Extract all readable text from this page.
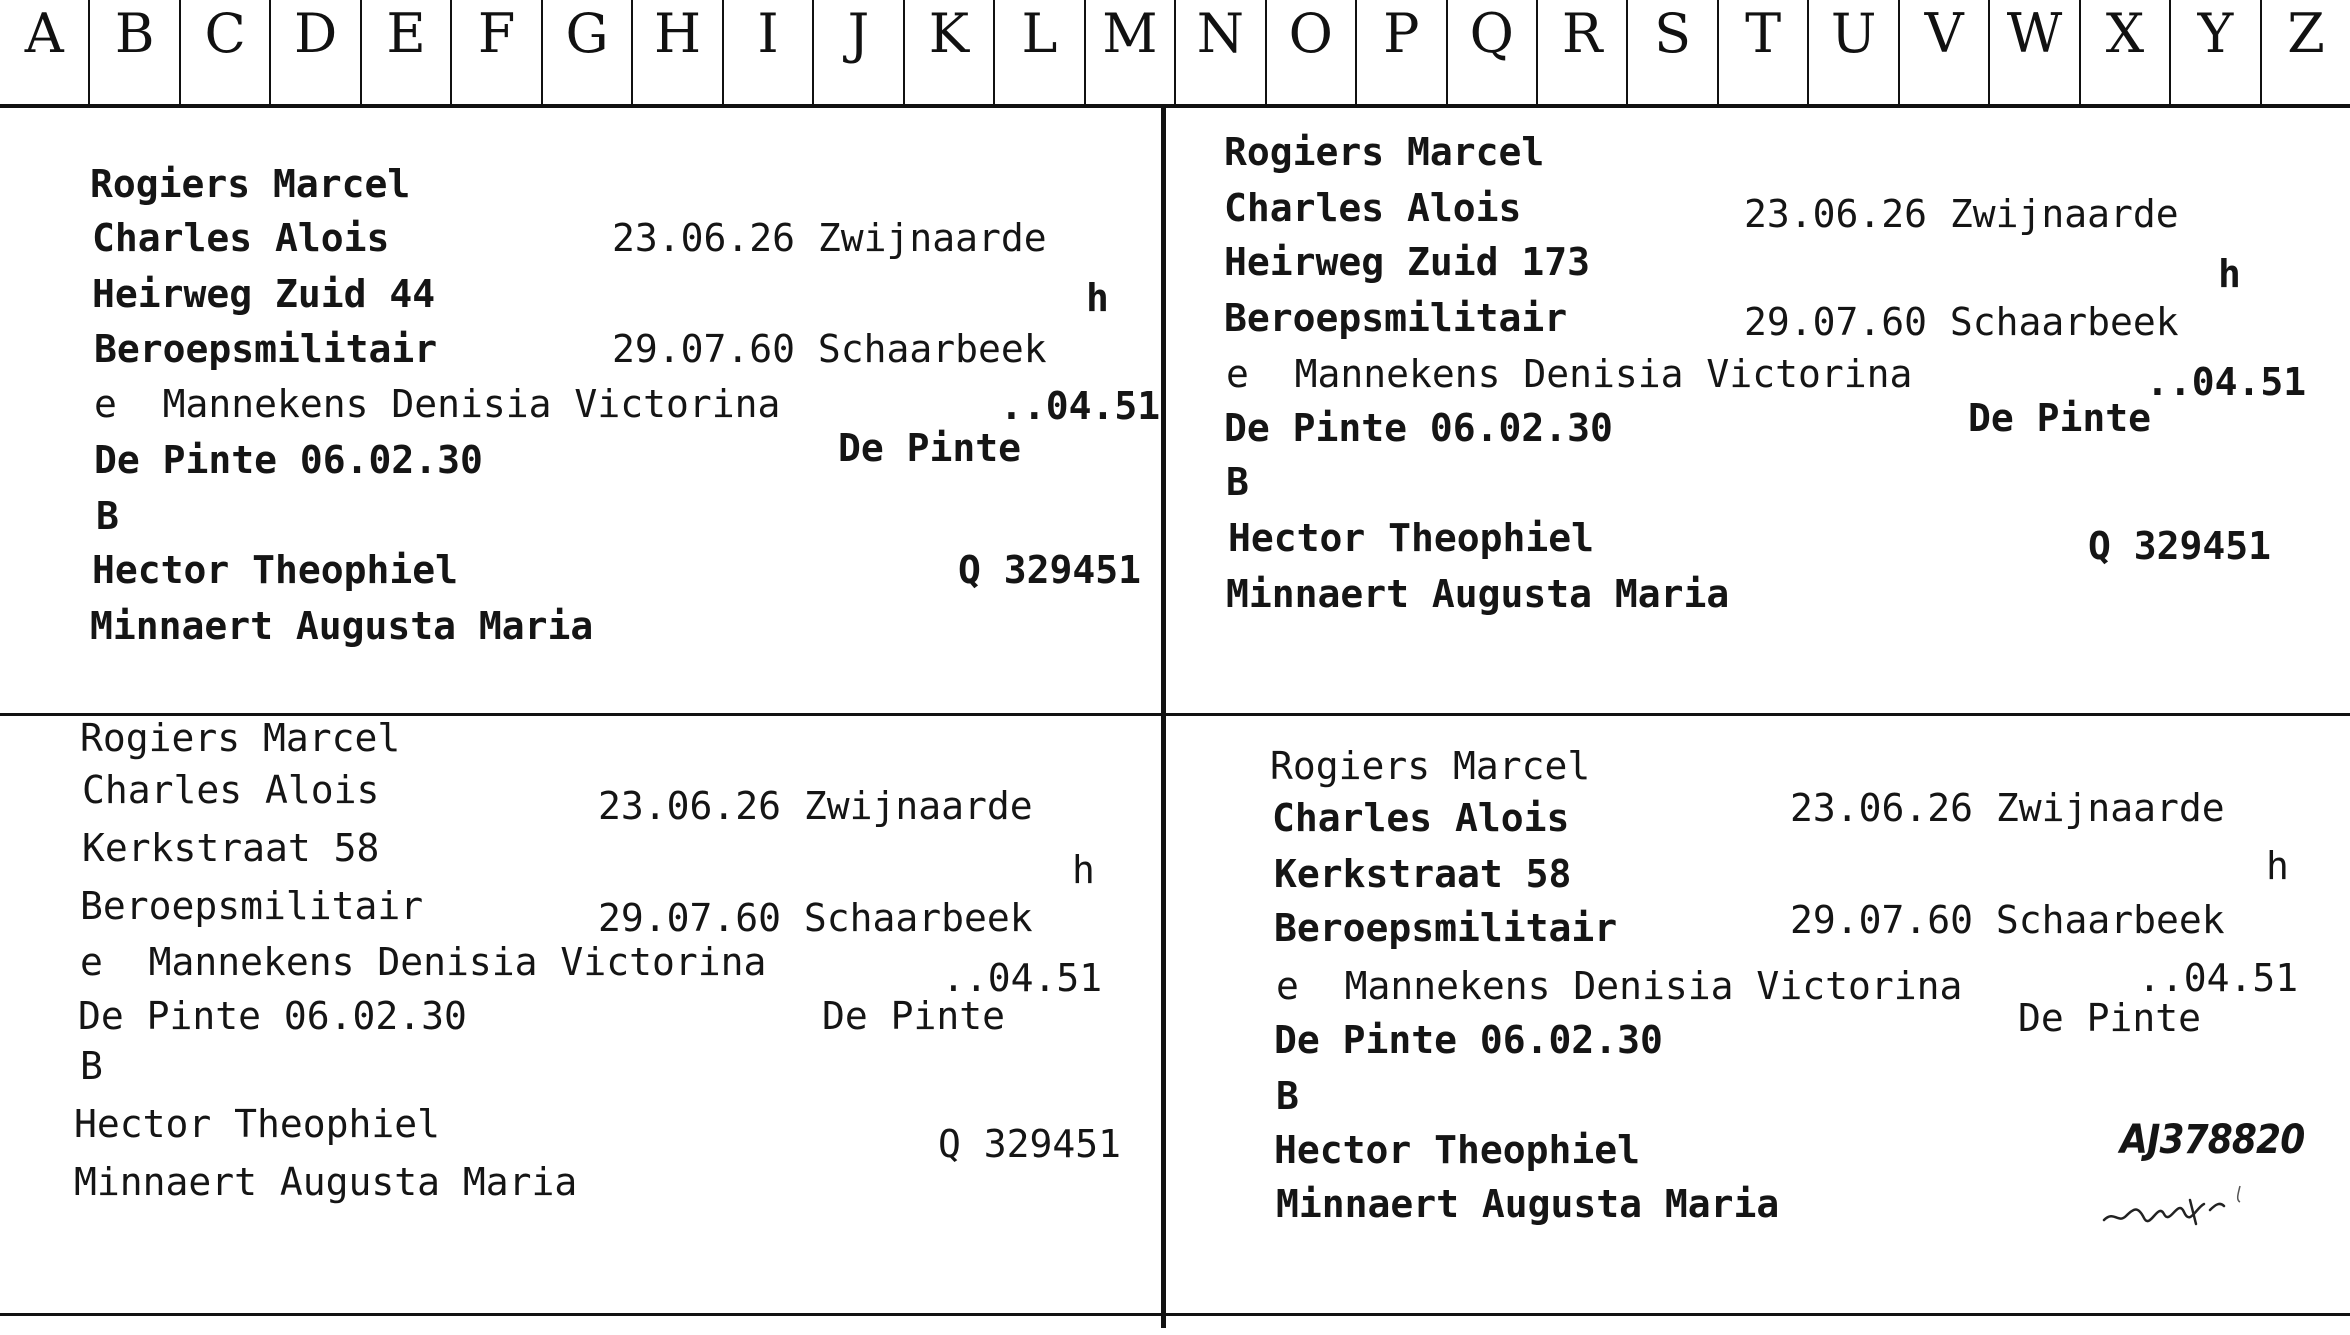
A B C D E F G H	I	J	K L M N O P Q R S T U V W X Y Z
Rogiers Marcel
Charles Alois	23.06.26 Zwijnaarde
Heirweg Zuid 44	h
Beroepsmilitair	29.07.60 Schaarbeek
e  Mannekens Denisia Victorina	..04.51
De Pinte 06.02.30	De Pinte
B
Hector Theophiel	Q 329451
Minnaert Augusta Maria
Rogiers Marcel
Charles Alois	23.06.26 Zwijnaarde
Heirweg Zuid 173	h
Beroepsmilitair	29.07.60 Schaarbeek
e  Mannekens Denisia Victorina	..04.51
De Pinte 06.02.30	De Pinte
B
Hector Theophiel	Q 329451
Minnaert Augusta Maria
Rogiers Marcel
Charles Alois	23.06.26 Zwijnaarde
Kerkstraat 58	h
Beroepsmilitair	29.07.60 Schaarbeek
e  Mannekens Denisia Victorina	..04.51
De Pinte 06.02.30	De Pinte
B
Hector Theophiel	Q 329451
Minnaert Augusta Maria
Rogiers Marcel
Charles Alois	23.06.26 Zwijnaarde
Kerkstraat 58	h
Beroepsmilitair	29.07.60 Schaarbeek
e  Mannekens Denisia Victorina	..04.51
De Pinte 06.02.30	De Pinte
B
Hector Theophiel	AJ378820
Minnaert Augusta Maria
